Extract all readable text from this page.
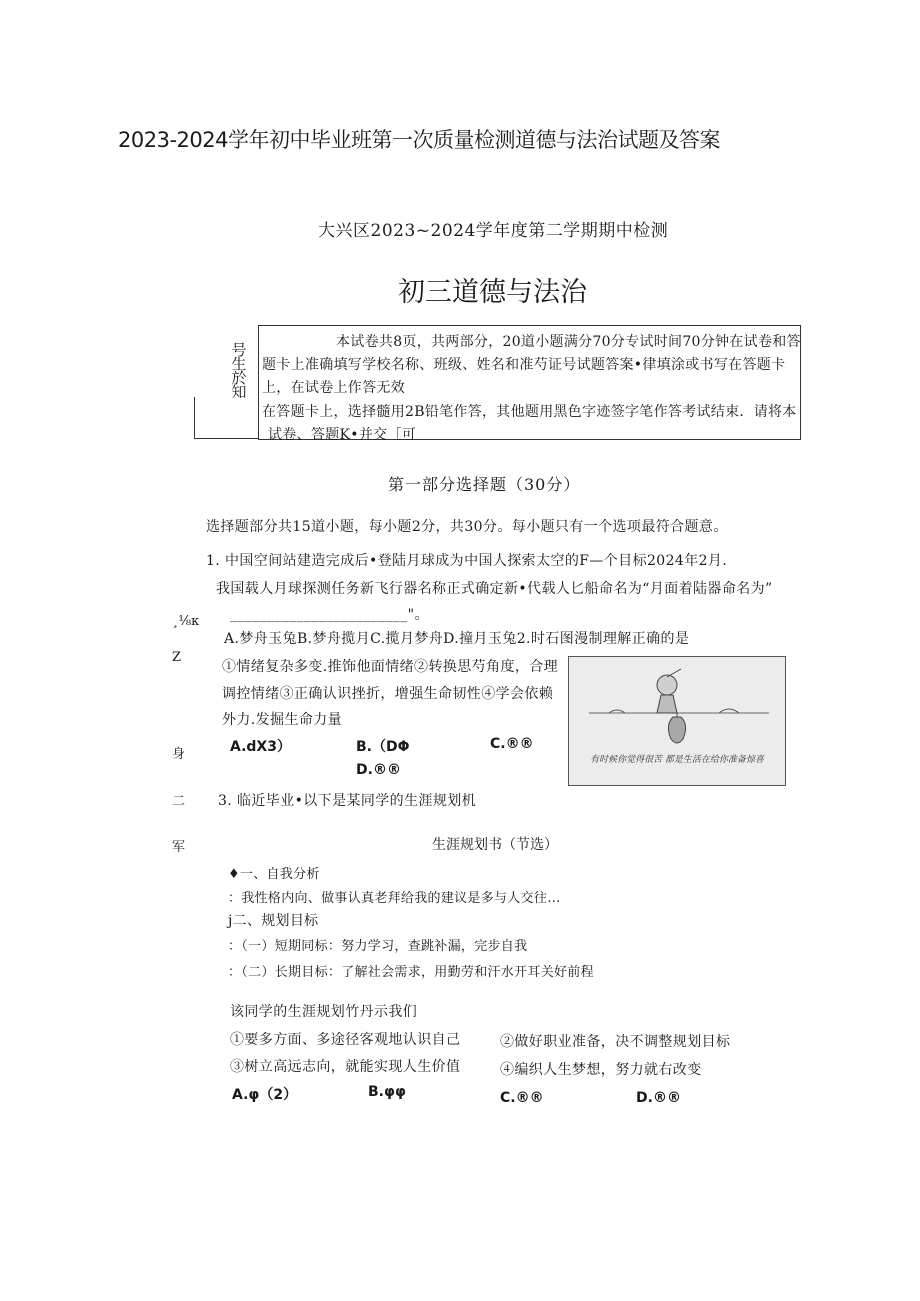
2023-2024学年初中毕业班第一次质量检测道德与法治试题及答案
大兴区2023~2024学年度第二学期期中检测
初三道德与法治
号生於知
本试卷共8页，共两部分，20道小题满分70分专试时间70分钟在试卷和答
题卡上准确填写学校名称、班级、姓名和准芍证号试题答案•律填涂或书写在答题卡
上，在试卷上作答无效
在答题卡上，选择髓用2B铅笔作答，其他题用黑色字迹签字笔作答考试结束．请将本
试卷、答题K•并交［可
第一部分选择题（30分）
选择题部分共15道小题，每小题2分，共30分。每小题只有一个选项最符合题意。
1. 中国空间站建造完成后•登陆月球成为中国人探索太空的F—个目标2024年2月.
我国载人月球探测任务新飞行器名称正式确定新•代载人匕船命名为“月面着陆器命名为”
________________________"。
A.梦舟玉兔B.梦舟揽月C.揽月梦舟D.撞月玉兔2.时石图漫制理解正确的是
¸⅛κ
Z
身
二
军
①情绪复杂多变.推饰他面情绪②转换思芍角度，合理
调控情绪③正确认识挫折，增强生命韧性④学会依赖
外力.发掘生命力量
A.dX3）	B.（DΦ	C.®®
D.®®
有时候你觉得很苦 都是生活在给你准备惊喜
3. 临近毕业•以下是某同学的生涯规划机
生涯规划书（节选）
♦一、自我分析
：我性格内向、做事认真老拜给我的建议是多与人交往…
j二、规划目标
：（一）短期同标：努力学习，查跳补漏，完步自我
：（二）长期目标：了解社会需求，用勤劳和汗水开耳关好前程
该同学的生涯规划竹丹示我们
①要多方面、多途径客观地认识自己	②做好职业准备，决不调整规划目标
③树立高远志向，就能实现人生价值	④编织人生梦想，努力就右改变
A.φ（2）	B.φφ	C.®®	D.®®
